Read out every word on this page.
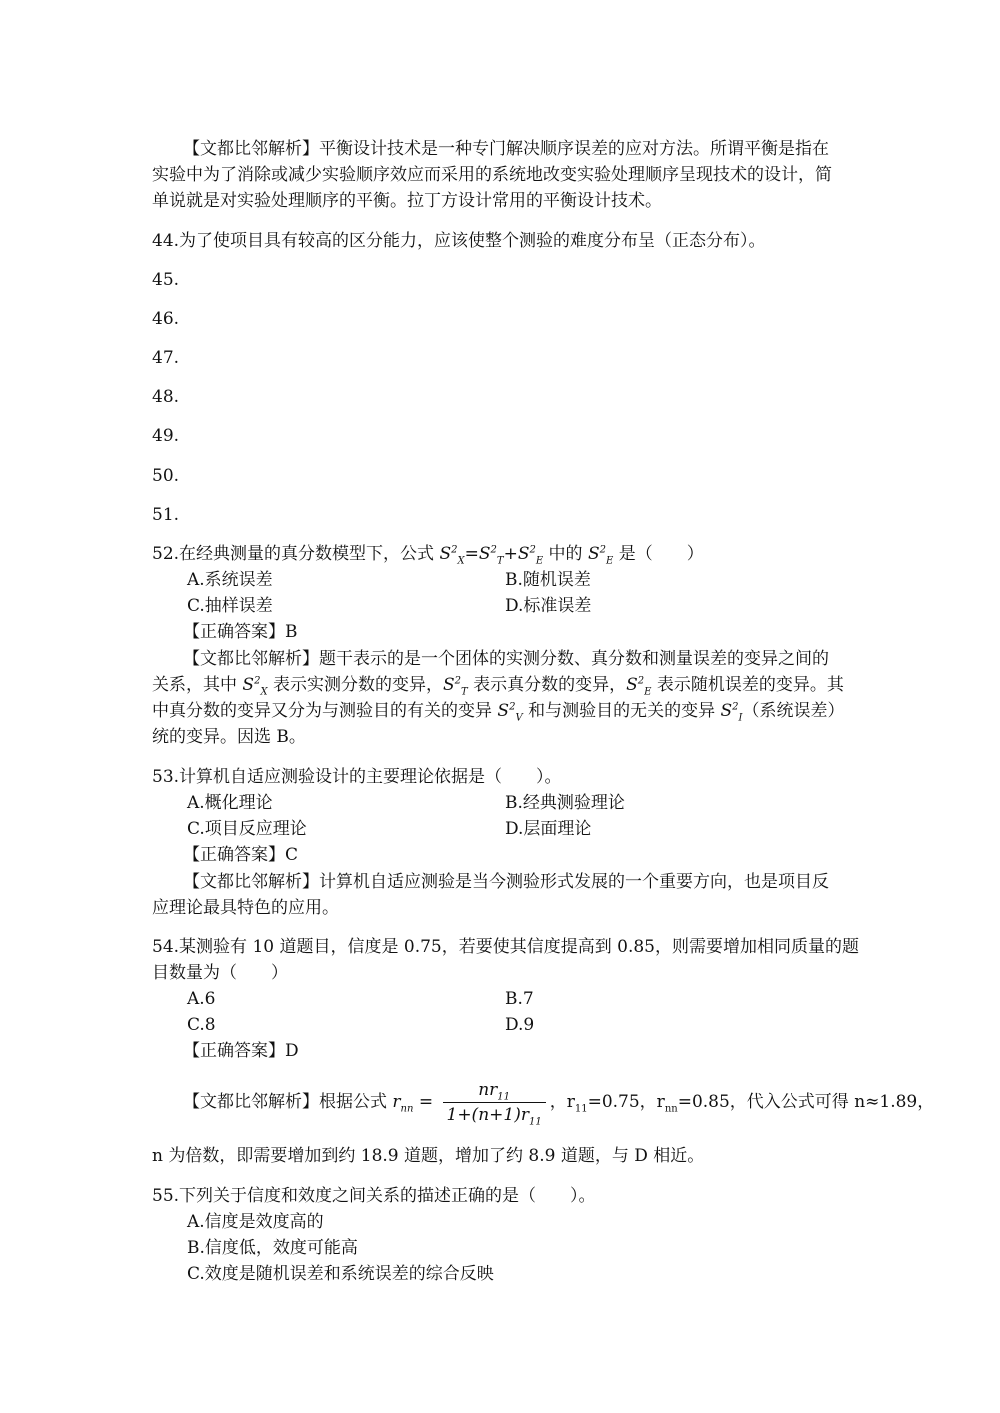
【文都比邻解析】平衡设计技术是一种专门解决顺序误差的应对方法。所谓平衡是指在
实验中为了消除或减少实验顺序效应而采用的系统地改变实验处理顺序呈现技术的设计，简
单说就是对实验处理顺序的平衡。拉丁方设计常用的平衡设计技术。
44.为了使项目具有较高的区分能力，应该使整个测验的难度分布呈（正态分布）。
45.
46.
47.
48.
49.
50.
51.
52.在经典测量的真分数模型下，公式 $S^2_X=S^2_T+S^2_E$ 中的 $S^2_E$ 是（　　）
A.系统误差	B.随机误差
C.抽样误差	D.标准误差
【正确答案】B
【文都比邻解析】题干表示的是一个团体的实测分数、真分数和测量误差的变异之间的
关系，其中 $S^2_X$ 表示实测分数的变异，$S^2_T$ 表示真分数的变异，$S^2_E$ 表示随机误差的变异。其
中真分数的变异又分为与测验目的有关的变异 $S^2_V$ 和与测验目的无关的变异 $S^2_I$（系统误差）
统的变异。因选 B。
53.计算机自适应测验设计的主要理论依据是（　　）。
A.概化理论	B.经典测验理论
C.项目反应理论	D.层面理论
【正确答案】C
【文都比邻解析】计算机自适应测验是当今测验形式发展的一个重要方向，也是项目反
应理论最具特色的应用。
54.某测验有 10 道题目，信度是 0.75，若要使其信度提高到 0.85，则需要增加相同质量的题
目数量为（　　）
A.6	B.7
C.8	D.9
【正确答案】D
【文都比邻解析】根据公式 $r_{nn} = \frac{nr_{11}}{1+(n+1)r_{11}}$ ，$r_{11}=0.75$，$r_{nn}=0.85$，代入公式可得 n≈1.89，
n 为倍数，即需要增加到约 18.9 道题，增加了约 8.9 道题，与 D 相近。
55.下列关于信度和效度之间关系的描述正确的是（　　）。
A.信度是效度高的
B.信度低，效度可能高
C.效度是随机误差和系统误差的综合反映
